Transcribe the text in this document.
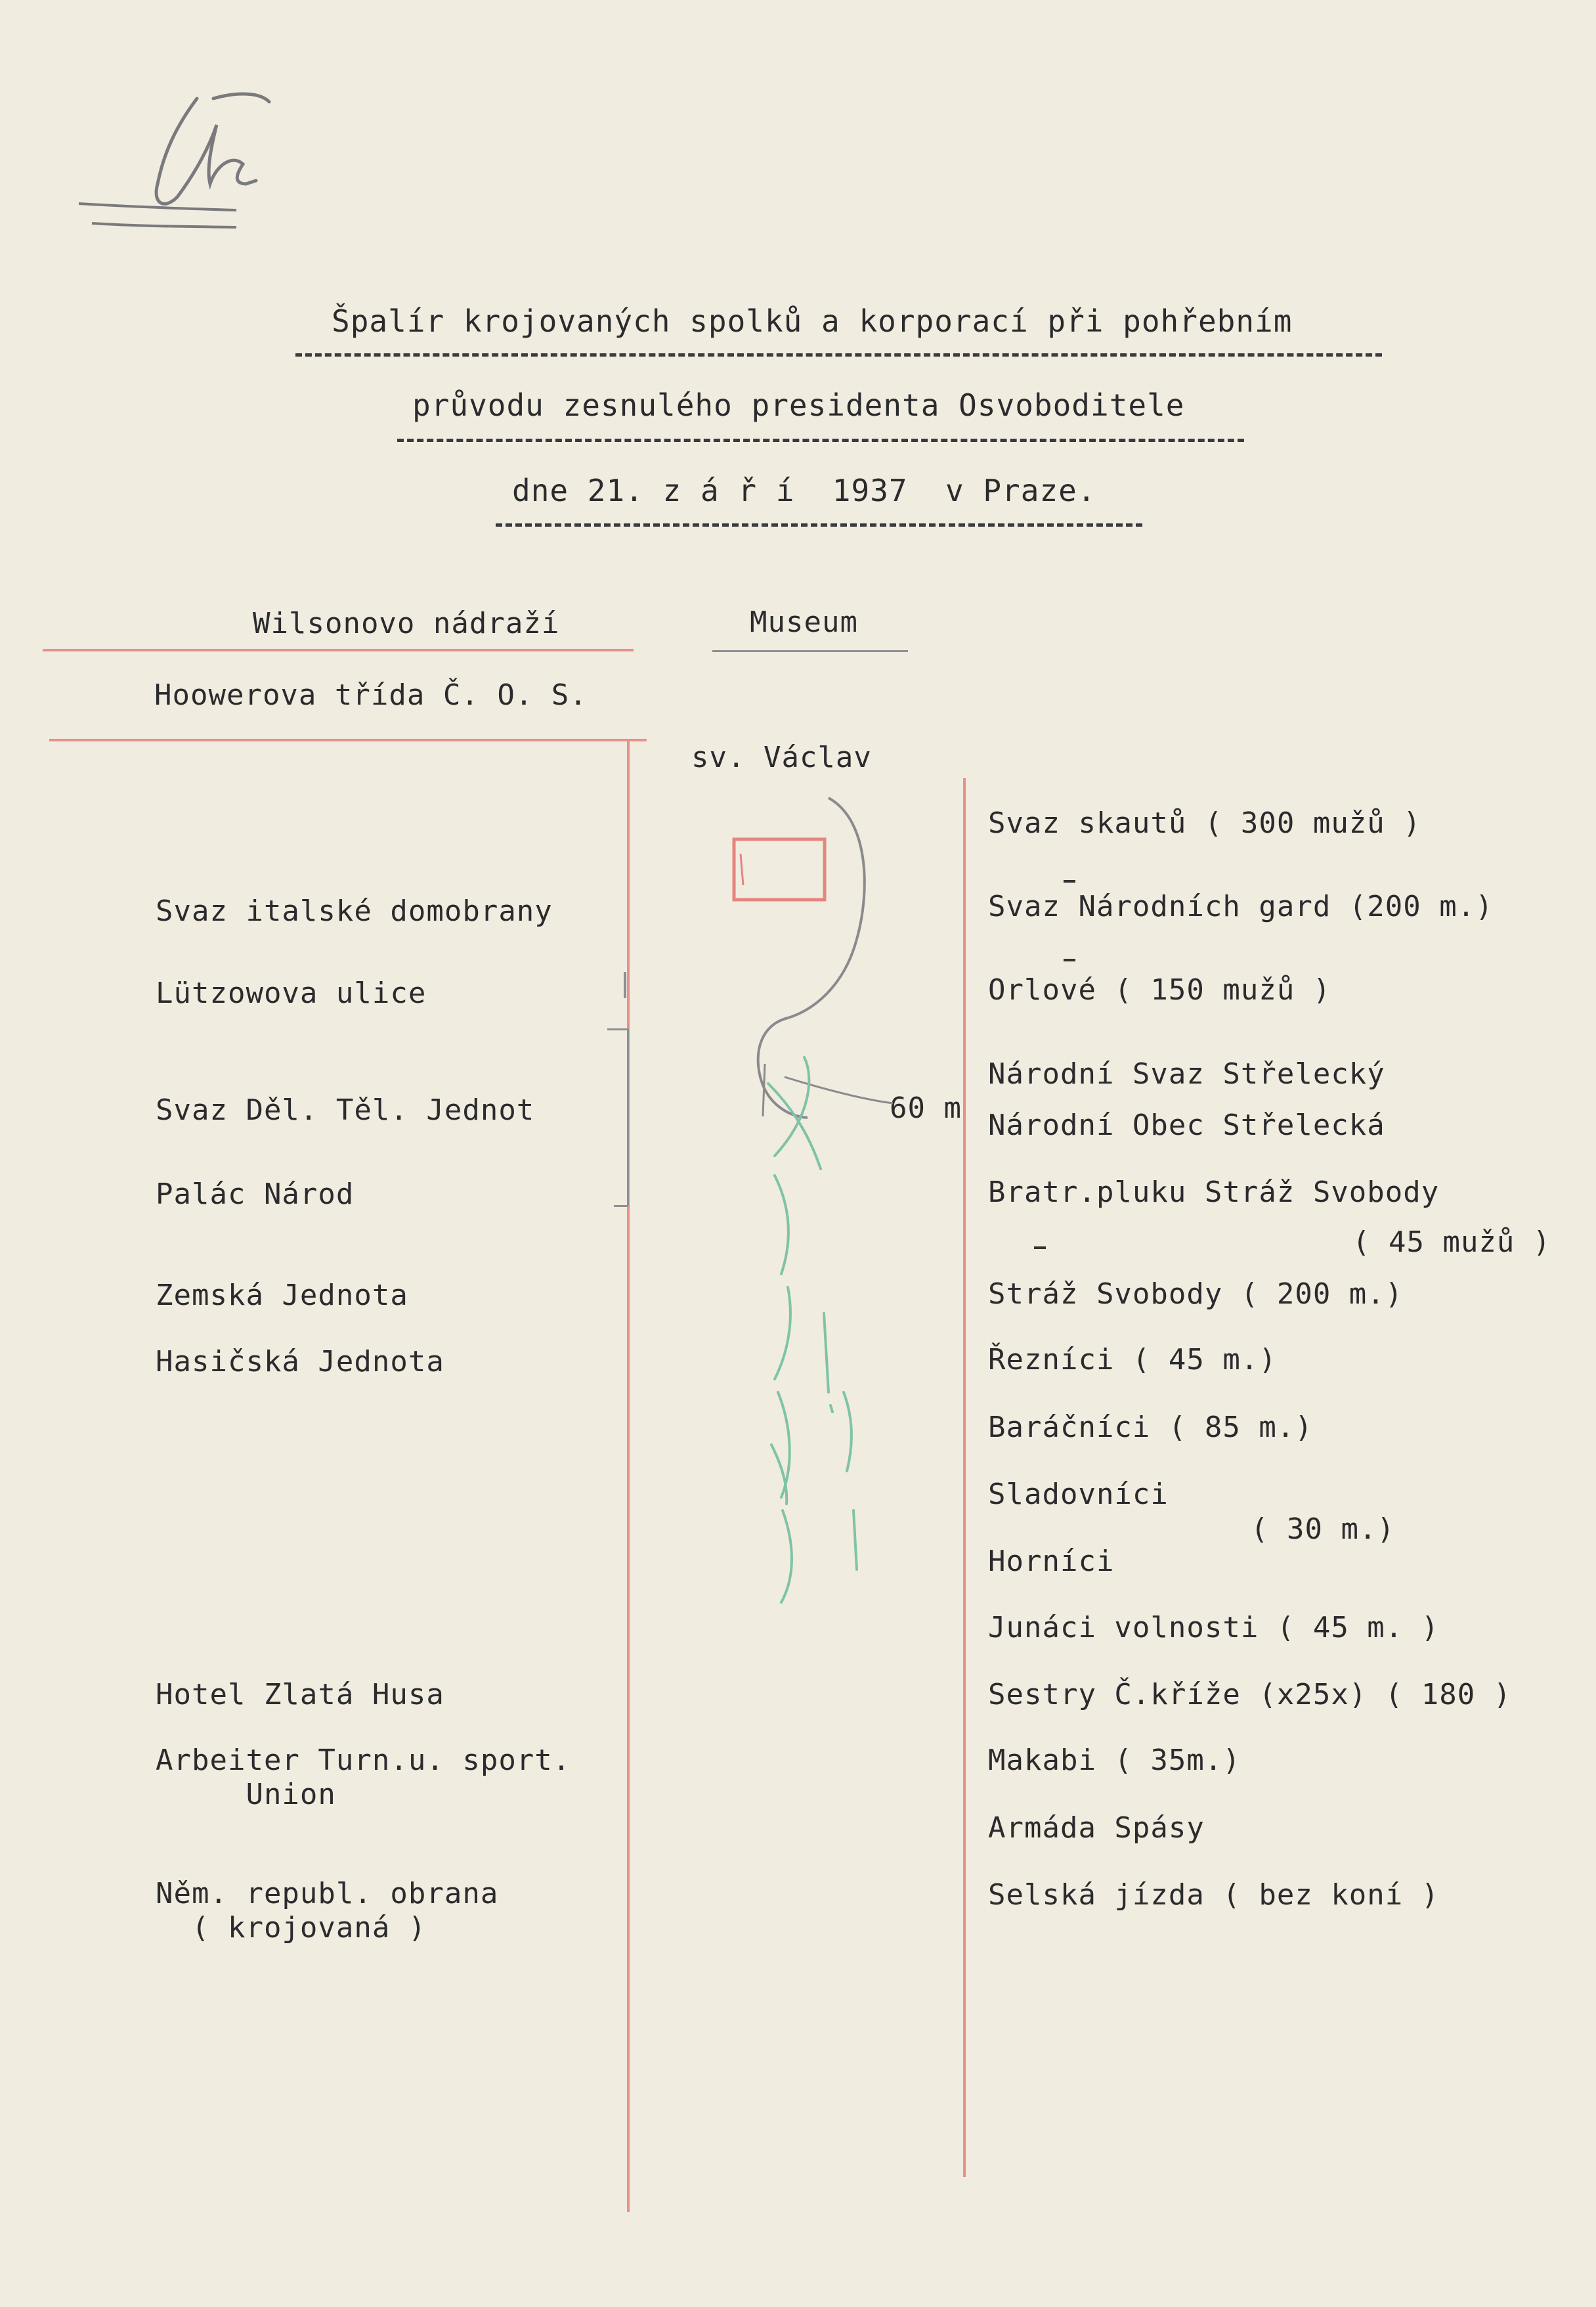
Špalír krojovaných spolků a korporací při pohřebním
průvodu zesnulého presidenta Osvoboditele
dne 21. z á ř í  1937  v Praze.
Wilsonovo nádraží	Museum
Hoowerova třída Č. O. S.
sv. Václav
60 m
Svaz italské domobrany
Lützowova ulice
Svaz Děl. Těl. Jednot
Palác Národ
Zemská Jednota
Hasičská Jednota
Hotel Zlatá Husa
Arbeiter Turn.u. sport.
Union
Něm. republ. obrana
( krojovaná )
Svaz skautů ( 300 mužů )
Svaz Národních gard (200 m.)
Orlové ( 150 mužů )
Národní Svaz Střelecký
Národní Obec Střelecká
Bratr.pluku Stráž Svobody
( 45 mužů )
Stráž Svobody ( 200 m.)
Řezníci ( 45 m.)
Baráčníci ( 85 m.)
Sladovníci
( 30 m.)
Horníci
Junáci volnosti ( 45 m. )
Sestry Č.kříže (x25x) ( 180 )
Makabi ( 35m.)
Armáda Spásy
Selská jízda ( bez koní )
